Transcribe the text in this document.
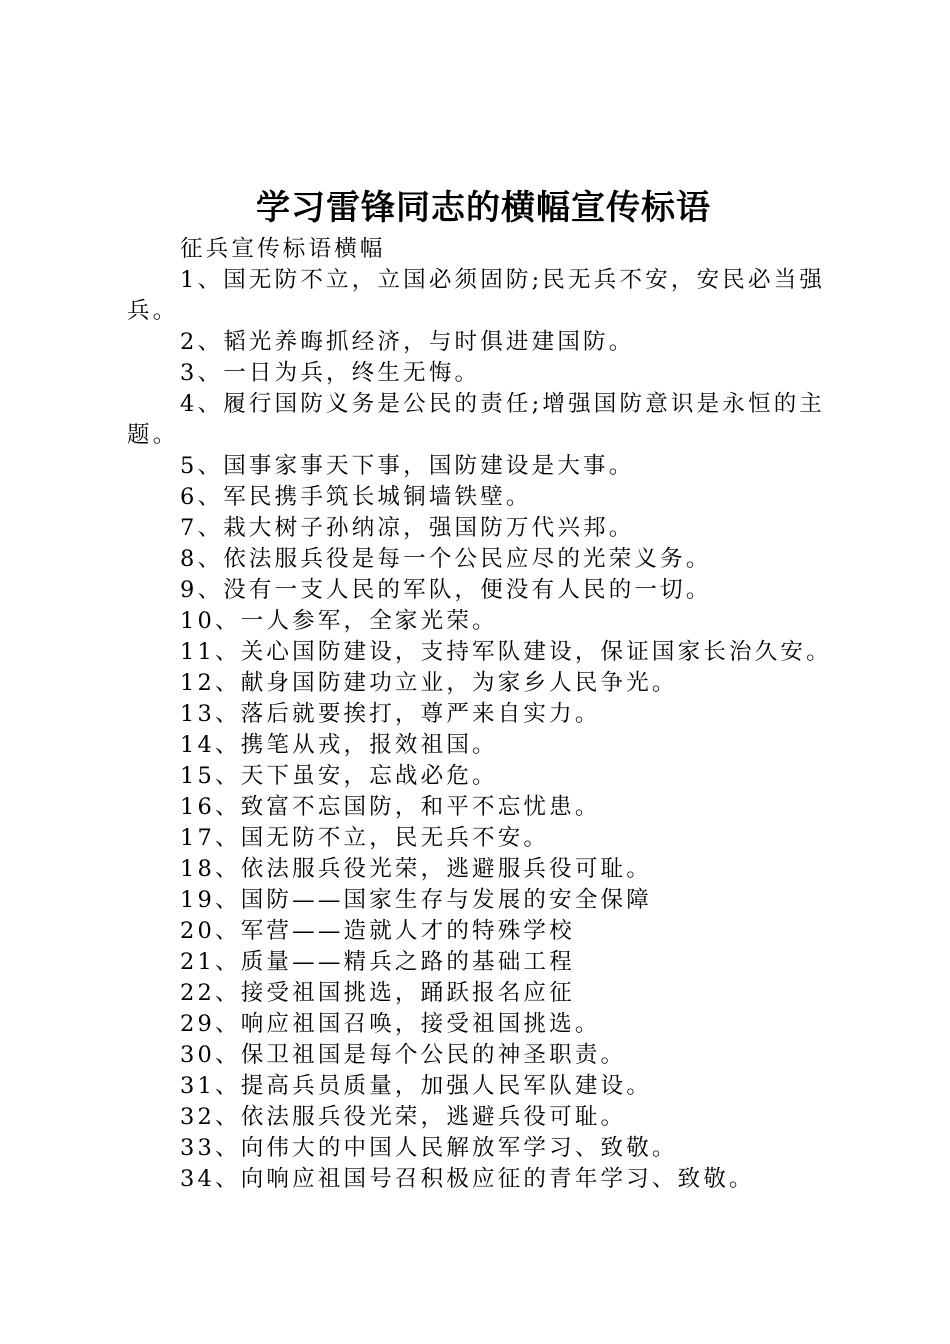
学习雷锋同志的横幅宣传标语

征兵宣传标语横幅

1、国无防不立，立国必须固防;民无兵不安，安民必当强兵。

2、韬光养晦抓经济，与时俱进建国防。

3、一日为兵，终生无悔。

4、履行国防义务是公民的责任;增强国防意识是永恒的主题。

5、国事家事天下事，国防建设是大事。

6、军民携手筑长城铜墙铁壁。

7、栽大树子孙纳凉，强国防万代兴邦。

8、依法服兵役是每一个公民应尽的光荣义务。

9、没有一支人民的军队，便没有人民的一切。

10、一人参军，全家光荣。

11、关心国防建设，支持军队建设，保证国家长治久安。

12、献身国防建功立业，为家乡人民争光。

13、落后就要挨打，尊严来自实力。

14、携笔从戎，报效祖国。

15、天下虽安，忘战必危。

16、致富不忘国防，和平不忘忧患。

17、国无防不立，民无兵不安。

18、依法服兵役光荣，逃避服兵役可耻。

19、国防——国家生存与发展的安全保障

20、军营——造就人才的特殊学校

21、质量——精兵之路的基础工程

22、接受祖国挑选，踊跃报名应征

29、响应祖国召唤，接受祖国挑选。

30、保卫祖国是每个公民的神圣职责。

31、提高兵员质量，加强人民军队建设。

32、依法服兵役光荣，逃避兵役可耻。

33、向伟大的中国人民解放军学习、致敬。

34、向响应祖国号召积极应征的青年学习、致敬。
